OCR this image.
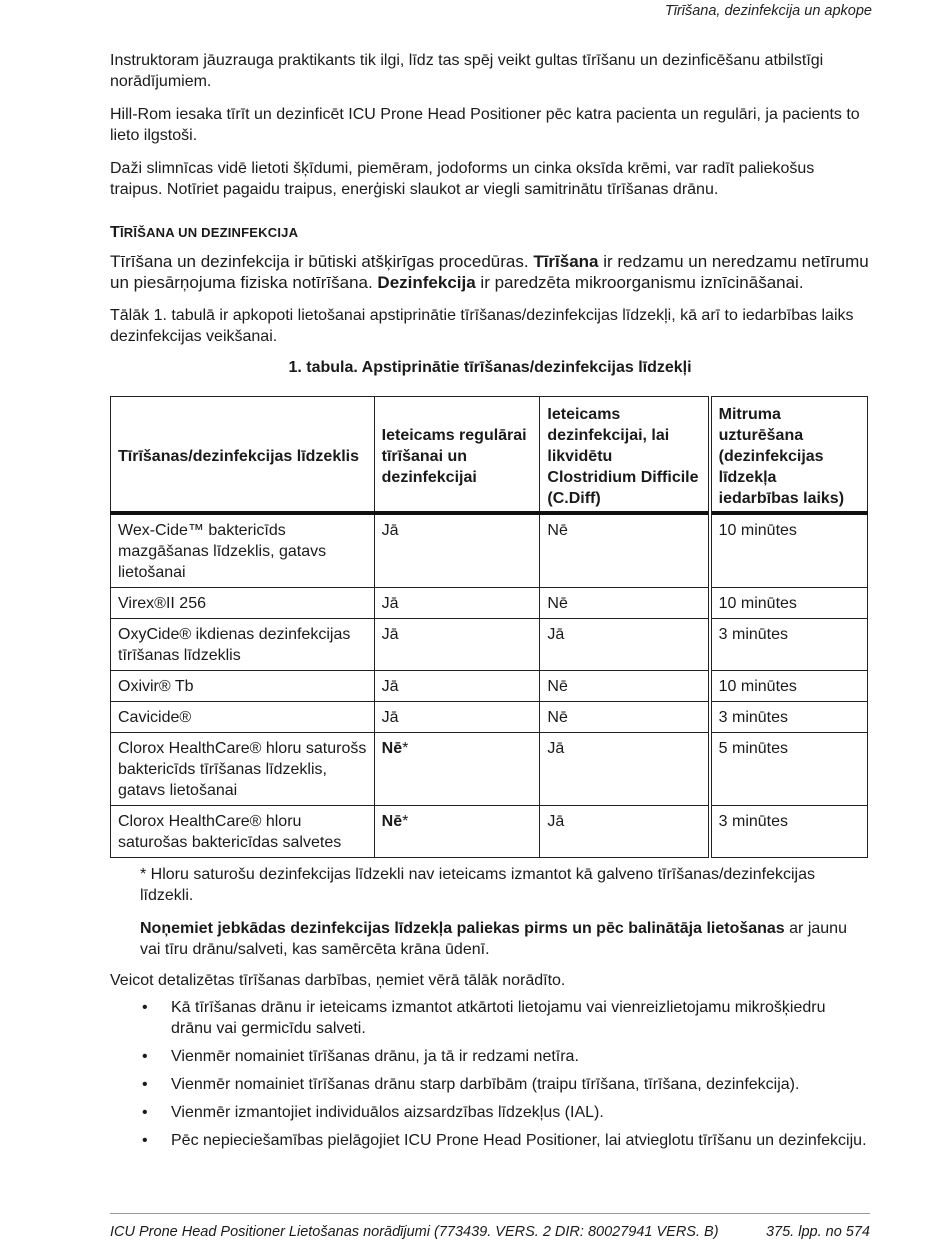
Tīrīšana, dezinfekcija un apkope

Instruktoram jāuzrauga praktikants tik ilgi, līdz tas spēj veikt gultas tīrīšanu un dezinficēšanu atbilstīgi norādījumiem.

Hill-Rom iesaka tīrīt un dezinficēt ICU Prone Head Positioner pēc katra pacienta un regulāri, ja pacients to lieto ilgstoši.

Daži slimnīcas vidē lietoti šķīdumi, piemēram, jodoforms un cinka oksīda krēmi, var radīt paliekošus traipus. Notīriet pagaidu traipus, enerģiski slaukot ar viegli samitrinātu tīrīšanas drānu.

TĪRĪŠANA UN DEZINFEKCIJA

Tīrīšana un dezinfekcija ir būtiski atšķirīgas procedūras. Tīrīšana ir redzamu un neredzamu netīrumu un piesārņojuma fiziska notīrīšana. Dezinfekcija ir paredzēta mikroorganismu iznīcināšanai.

Tālāk 1. tabulā ir apkopoti lietošanai apstiprinātie tīrīšanas/dezinfekcijas līdzekļi, kā arī to iedarbības laiks dezinfekcijas veikšanai.

1. tabula. Apstiprinātie tīrīšanas/dezinfekcijas līdzekļi
Tīrīšanas/dezinfekcijas līdzeklis	Ieteicams regulārai tīrīšanai un dezinfekcijai	Ieteicams dezinfekcijai, lai likvidētu Clostridium Difficile (C.Diff)	Mitruma uzturēšana (dezinfekcijas līdzekļa iedarbības laiks)
Wex-Cide™ baktericīds mazgāšanas līdzeklis, gatavs lietošanai	Jā	Nē	10 minūtes
Virex®II 256	Jā	Nē	10 minūtes
OxyCide® ikdienas dezinfekcijas tīrīšanas līdzeklis	Jā	Jā	3 minūtes
Oxivir® Tb	Jā	Nē	10 minūtes
Cavicide®	Jā	Nē	3 minūtes
Clorox HealthCare® hloru saturošs baktericīds tīrīšanas līdzeklis, gatavs lietošanai	Nē*	Jā	5 minūtes
Clorox HealthCare® hloru saturošas baktericīdas salvetes	Nē*	Jā	3 minūtes

* Hloru saturošu dezinfekcijas līdzekli nav ieteicams izmantot kā galveno tīrīšanas/dezinfekcijas līdzekli.

Noņemiet jebkādas dezinfekcijas līdzekļa paliekas pirms un pēc balinātāja lietošanas ar jaunu vai tīru drānu/salveti, kas samērcēta krāna ūdenī.

Veicot detalizētas tīrīšanas darbības, ņemiet vērā tālāk norādīto.

• Kā tīrīšanas drānu ir ieteicams izmantot atkārtoti lietojamu vai vienreizlietojamu mikrošķiedru drānu vai germicīdu salveti.
• Vienmēr nomainiet tīrīšanas drānu, ja tā ir redzami netīra.
• Vienmēr nomainiet tīrīšanas drānu starp darbībām (traipu tīrīšana, tīrīšana, dezinfekcija).
• Vienmēr izmantojiet individuālos aizsardzības līdzekļus (IAL).
• Pēc nepieciešamības pielāgojiet ICU Prone Head Positioner, lai atvieglotu tīrīšanu un dezinfekciju.
ICU Prone Head Positioner Lietošanas norādījumi (773439. VERS. 2 DIR: 80027941 VERS. B)	375. lpp. no 574
